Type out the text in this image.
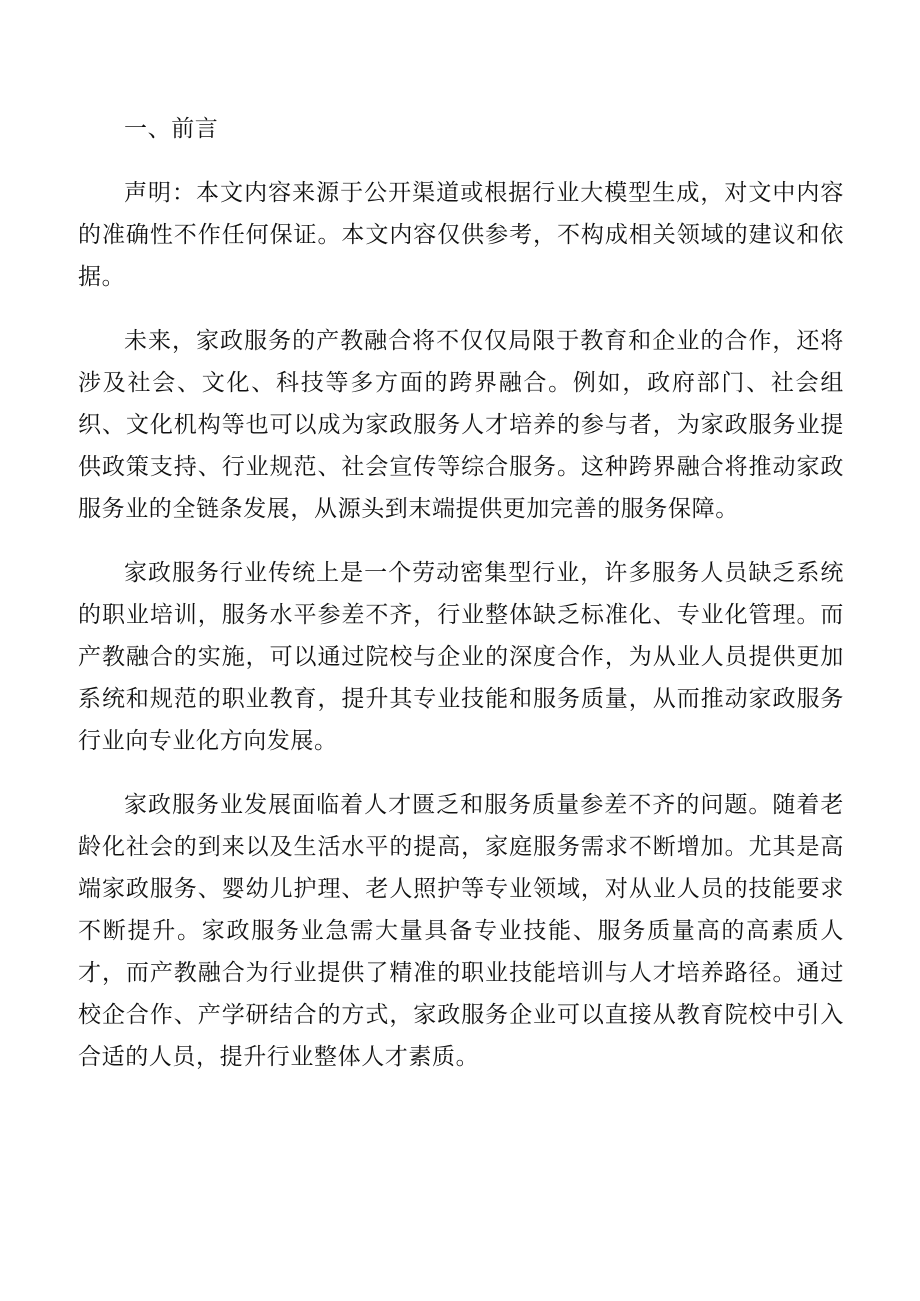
一、前言

声明：本文内容来源于公开渠道或根据行业大模型生成，对文中内容的准确性不作任何保证。本文内容仅供参考，不构成相关领域的建议和依据。

未来，家政服务的产教融合将不仅仅局限于教育和企业的合作，还将涉及社会、文化、科技等多方面的跨界融合。例如，政府部门、社会组织、文化机构等也可以成为家政服务人才培养的参与者，为家政服务业提供政策支持、行业规范、社会宣传等综合服务。这种跨界融合将推动家政服务业的全链条发展，从源头到末端提供更加完善的服务保障。

家政服务行业传统上是一个劳动密集型行业，许多服务人员缺乏系统的职业培训，服务水平参差不齐，行业整体缺乏标准化、专业化管理。而产教融合的实施，可以通过院校与企业的深度合作，为从业人员提供更加系统和规范的职业教育，提升其专业技能和服务质量，从而推动家政服务行业向专业化方向发展。

家政服务业发展面临着人才匮乏和服务质量参差不齐的问题。随着老龄化社会的到来以及生活水平的提高，家庭服务需求不断增加。尤其是高端家政服务、婴幼儿护理、老人照护等专业领域，对从业人员的技能要求不断提升。家政服务业急需大量具备专业技能、服务质量高的高素质人才，而产教融合为行业提供了精准的职业技能培训与人才培养路径。通过校企合作、产学研结合的方式，家政服务企业可以直接从教育院校中引入合适的人员，提升行业整体人才素质。
